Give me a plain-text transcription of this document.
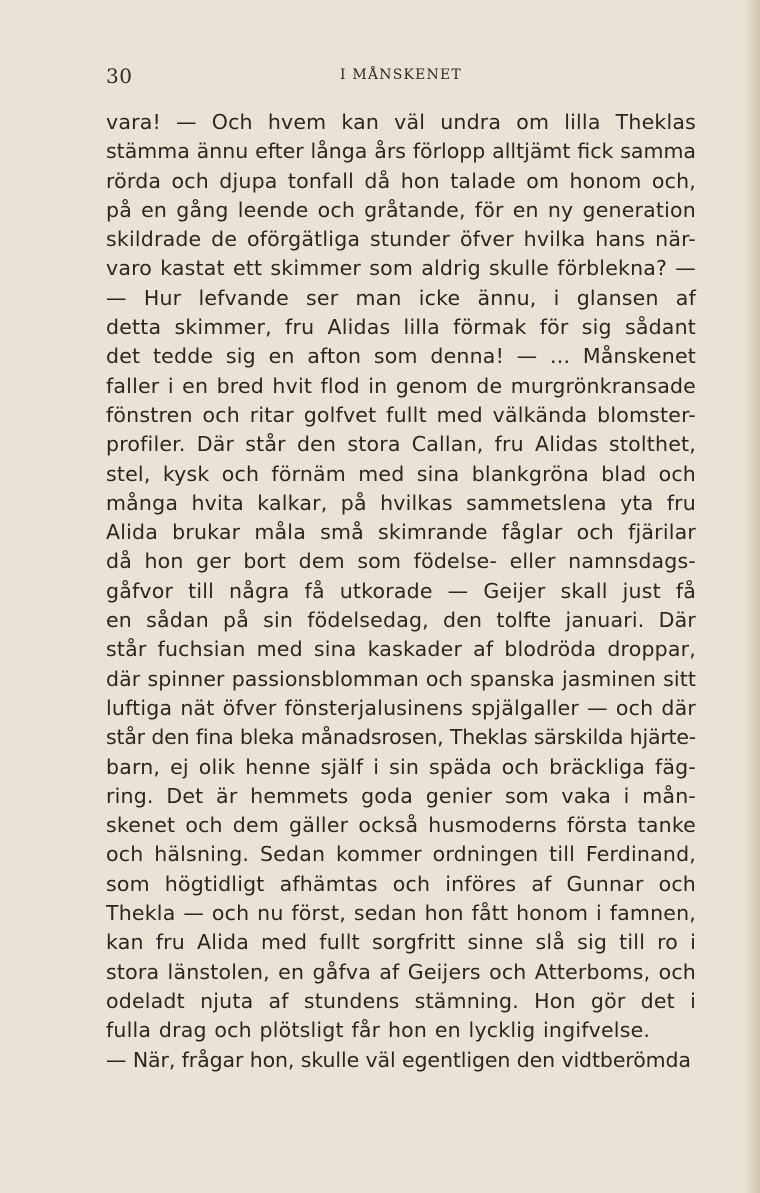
30	I MÅNSKENET
vara! — Och hvem kan väl undra om lilla Theklas
stämma ännu efter långa års förlopp alltjämt fick samma
rörda och djupa tonfall då hon talade om honom och,
på en gång leende och gråtande, för en ny generation
skildrade de oförgätliga stunder öfver hvilka hans när-
varo kastat ett skimmer som aldrig skulle förblekna? —
— Hur lefvande ser man icke ännu, i glansen af
detta skimmer, fru Alidas lilla förmak för sig sådant
det tedde sig en afton som denna! — ... Månskenet
faller i en bred hvit flod in genom de murgrönkransade
fönstren och ritar golfvet fullt med välkända blomster-
profiler. Där står den stora Callan, fru Alidas stolthet,
stel, kysk och förnäm med sina blankgröna blad och
många hvita kalkar, på hvilkas sammetslena yta fru
Alida brukar måla små skimrande fåglar och fjärilar
då hon ger bort dem som födelse- eller namnsdags-
gåfvor till några få utkorade — Geijer skall just få
en sådan på sin födelsedag, den tolfte januari. Där
står fuchsian med sina kaskader af blodröda droppar,
där spinner passionsblomman och spanska jasminen sitt
luftiga nät öfver fönsterjalusinens spjälgaller — och där
står den fina bleka månadsrosen, Theklas särskilda hjärte-
barn, ej olik henne själf i sin späda och bräckliga fäg-
ring. Det är hemmets goda genier som vaka i mån-
skenet och dem gäller också husmoderns första tanke
och hälsning. Sedan kommer ordningen till Ferdinand,
som högtidligt afhämtas och införes af Gunnar och
Thekla — och nu först, sedan hon fått honom i famnen,
kan fru Alida med fullt sorgfritt sinne slå sig till ro i
stora länstolen, en gåfva af Geijers och Atterboms, och
odeladt njuta af stundens stämning. Hon gör det i
fulla drag och plötsligt får hon en lycklig ingifvelse.
— När, frågar hon, skulle väl egentligen den vidtberömda
